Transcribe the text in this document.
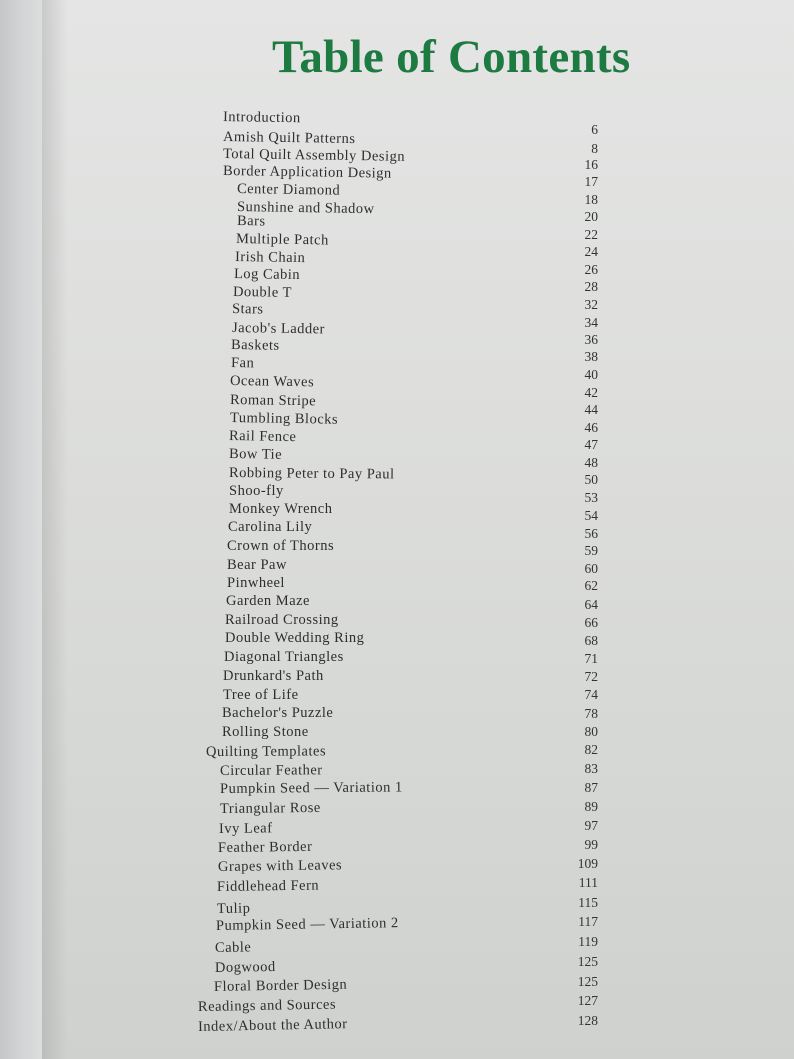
Table of Contents
Introduction
Amish Quilt Patterns
Total Quilt Assembly Design
Border Application Design
Center Diamond
Sunshine and Shadow
Bars
Multiple Patch
Irish Chain
Log Cabin
Double T
Stars
Jacob's Ladder
Baskets
Fan
Ocean Waves
Roman Stripe
Tumbling Blocks
Rail Fence
Bow Tie
Robbing Peter to Pay Paul
Shoo-fly
Monkey Wrench
Carolina Lily
Crown of Thorns
Bear Paw
Pinwheel
Garden Maze
Railroad Crossing
Double Wedding Ring
Diagonal Triangles
Drunkard's Path
Tree of Life
Bachelor's Puzzle
Rolling Stone
Quilting Templates
Circular Feather
Pumpkin Seed — Variation 1
Triangular Rose
Ivy Leaf
Feather Border
Grapes with Leaves
Fiddlehead Fern
Tulip
Pumpkin Seed — Variation 2
Cable
Dogwood
Floral Border Design
Readings and Sources
Index/About the Author
6
8
16
17
18
20
22
24
26
28
32
34
36
38
40
42
44
46
47
48
50
53
54
56
59
60
62
64
66
68
71
72
74
78
80
82
83
87
89
97
99
109
111
115
117
119
125
125
127
128
